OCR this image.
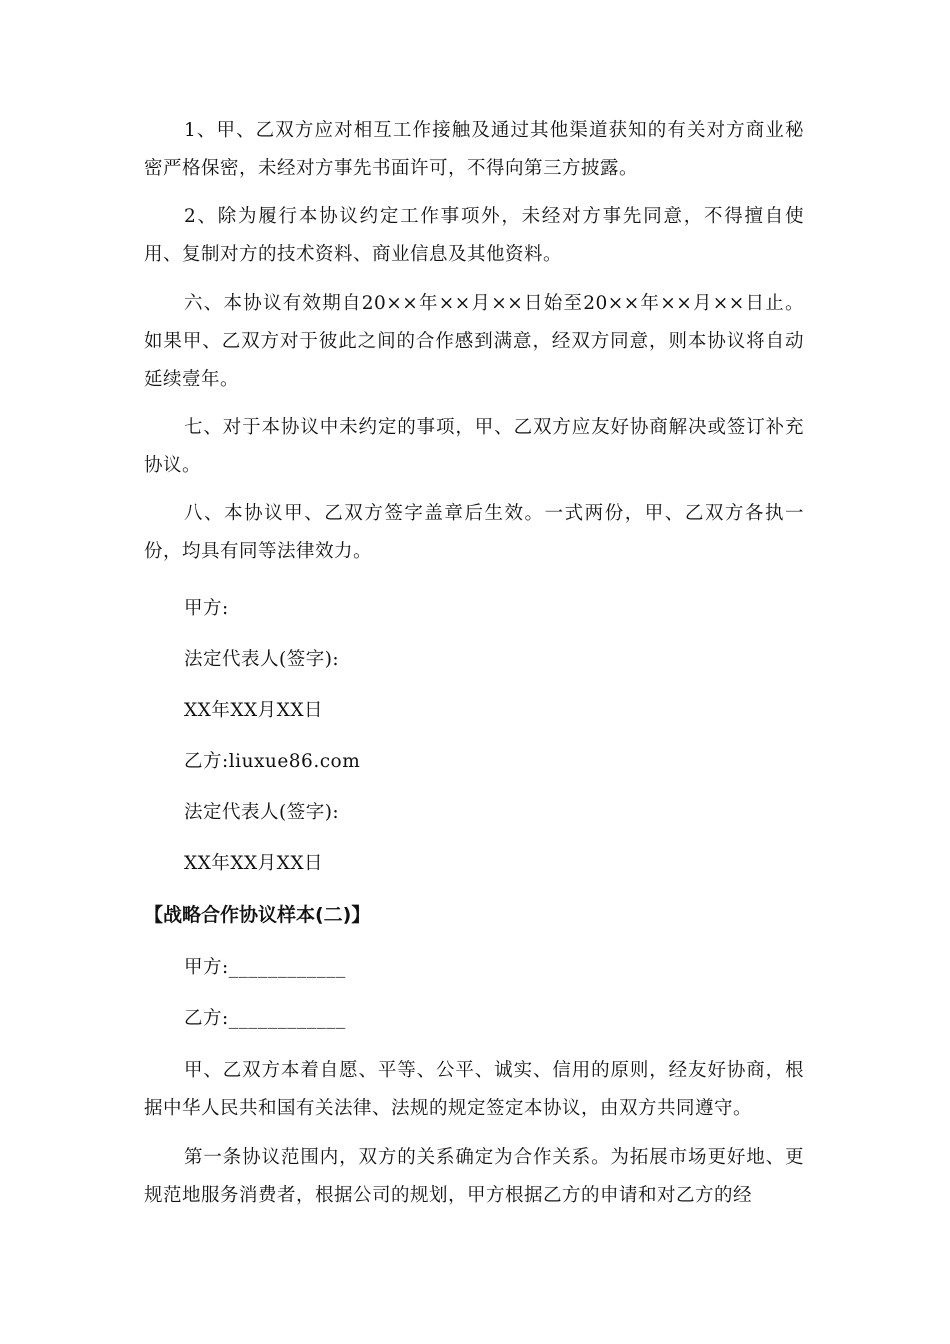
1、甲、乙双方应对相互工作接触及通过其他渠道获知的有关对方商业秘密严格保密，未经对方事先书面许可，不得向第三方披露。

2、除为履行本协议约定工作事项外，未经对方事先同意，不得擅自使用、复制对方的技术资料、商业信息及其他资料。

六、本协议有效期自20××年××月××日始至20××年××月××日止。如果甲、乙双方对于彼此之间的合作感到满意，经双方同意，则本协议将自动延续壹年。

七、对于本协议中未约定的事项，甲、乙双方应友好协商解决或签订补充协议。

八、本协议甲、乙双方签字盖章后生效。一式两份，甲、乙双方各执一份，均具有同等法律效力。

甲方:

法定代表人(签字):

XX年XX月XX日

乙方:liuxue86.com

法定代表人(签字):

XX年XX月XX日

【战略合作协议样本(二)】

甲方:____________

乙方:____________

甲、乙双方本着自愿、平等、公平、诚实、信用的原则，经友好协商，根据中华人民共和国有关法律、法规的规定签定本协议，由双方共同遵守。

第一条协议范围内，双方的关系确定为合作关系。为拓展市场更好地、更规范地服务消费者，根据公司的规划，甲方根据乙方的申请和对乙方的经
